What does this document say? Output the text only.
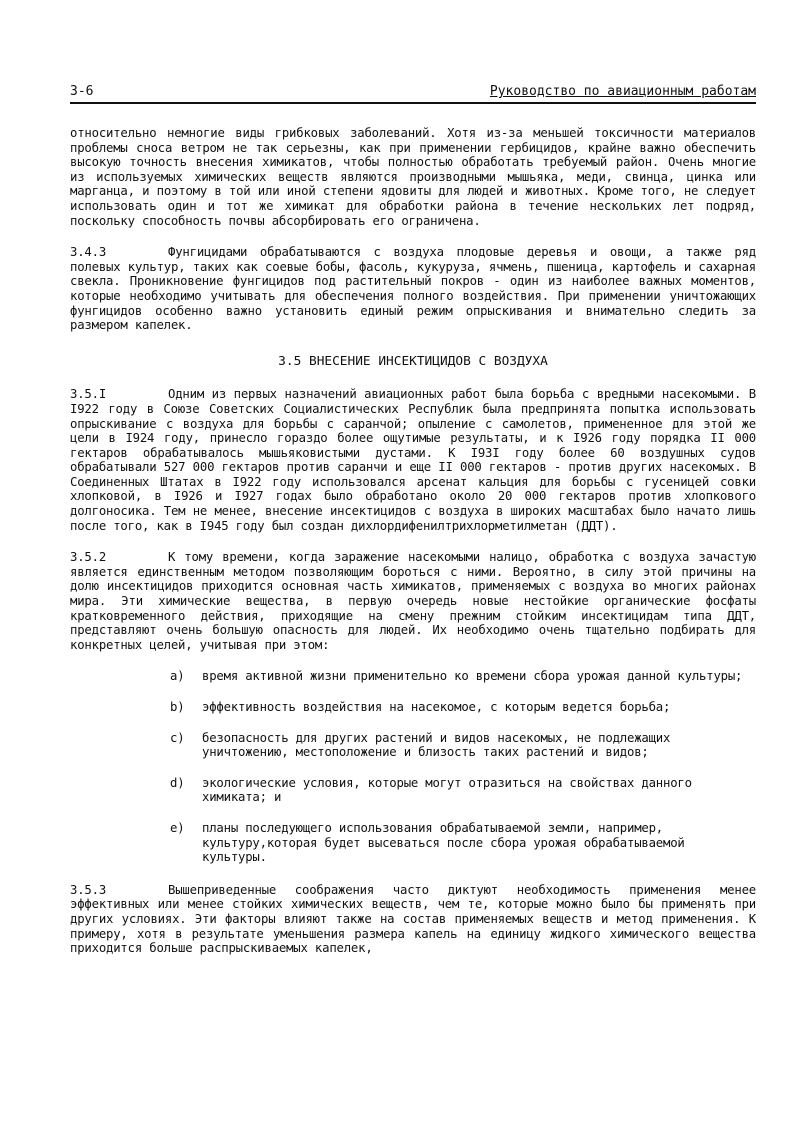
3-6	Руководство по авиационным работам

относительно немногие виды грибковых заболеваний. Хотя из-за меньшей токсичности материалов проблемы сноса ветром не так серьезны, как при применении гербицидов, крайне важно обеспечить высокую точность внесения химикатов, чтобы полностью обработать требуемый район. Очень многие из используемых химических веществ являются производными мышьяка, меди, свинца, цинка или марганца, и поэтому в той или иной степени ядовиты для людей и животных. Кроме того, не следует использовать один и тот же химикат для обработки района в течение нескольких лет подряд, поскольку способность почвы абсорбировать его ограничена.

3.4.3	Фунгицидами обрабатываются с воздуха плодовые деревья и овощи, а также ряд полевых культур, таких как соевые бобы, фасоль, кукуруза, ячмень, пшеница, картофель и сахарная свекла. Проникновение фунгицидов под растительный покров - один из наиболее важных моментов, которые необходимо учитывать для обеспечения полного воздействия. При применении уничтожающих фунгицидов особенно важно установить единый режим опрыскивания и внимательно следить за размером капелек.

3.5 ВНЕСЕНИЕ ИНСЕКТИЦИДОВ С ВОЗДУХА

3.5.I	Одним из первых назначений авиационных работ была борьба с вредными насекомыми. В I922 году в Союзе Советских Социалистических Республик была предпринята попытка использовать опрыскивание с воздуха для борьбы с саранчой; опыление с самолетов, примененное для этой же цели в I924 году, принесло гораздо более ощутимые результаты, и к I926 году порядка II 000 гектаров обрабатывалось мышьяковистыми дустами. К I93I году более 60 воздушных судов обрабатывали 527 000 гектаров против саранчи и еще II 000 гектаров - против других насекомых. В Соединенных Штатах в I922 году использовался арсенат кальция для борьбы с гусеницей совки хлопковой, в I926 и I927 годах было обработано около 20 000 гектаров против хлопкового долгоносика. Тем не менее, внесение инсектицидов с воздуха в широких масштабах было начато лишь после того, как в I945 году был создан дихлордифенилтрихлорметилметан (ДДТ).

3.5.2	К тому времени, когда заражение насекомыми налицо, обработка с воздуха зачастую является единственным методом позволяющим бороться с ними. Вероятно, в силу этой причины на долю инсектицидов приходится основная часть химикатов, применяемых с воздуха во многих районах мира. Эти химические вещества, в первую очередь новые нестойкие органические фосфаты кратковременного действия, приходящие на смену прежним стойким инсектицидам типа ДДТ, представляют очень большую опасность для людей. Их необходимо очень тщательно подбирать для конкретных целей, учитывая при этом:

a)	время активной жизни применительно ко времени сбора урожая данной культуры;
b)	эффективность воздействия на насекомое, с которым ведется борьба;
c)	безопасность для других растений и видов насекомых, не подлежащих уничтожению, местоположение и близость таких растений и видов;
d)	экологические условия, которые могут отразиться на свойствах данного химиката; и
e)	планы последующего использования обрабатываемой земли, например, культуру,которая будет высеваться после сбора урожая обрабатываемой культуры.

3.5.3	Вышеприведенные соображения часто диктуют необходимость применения менее эффективных или менее стойких химических веществ, чем те, которые можно было бы применять при других условиях. Эти факторы влияют также на состав применяемых веществ и метод применения. К примеру, хотя в результате уменьшения размера капель на единицу жидкого химического вещества приходится больше распрыскиваемых капелек,
